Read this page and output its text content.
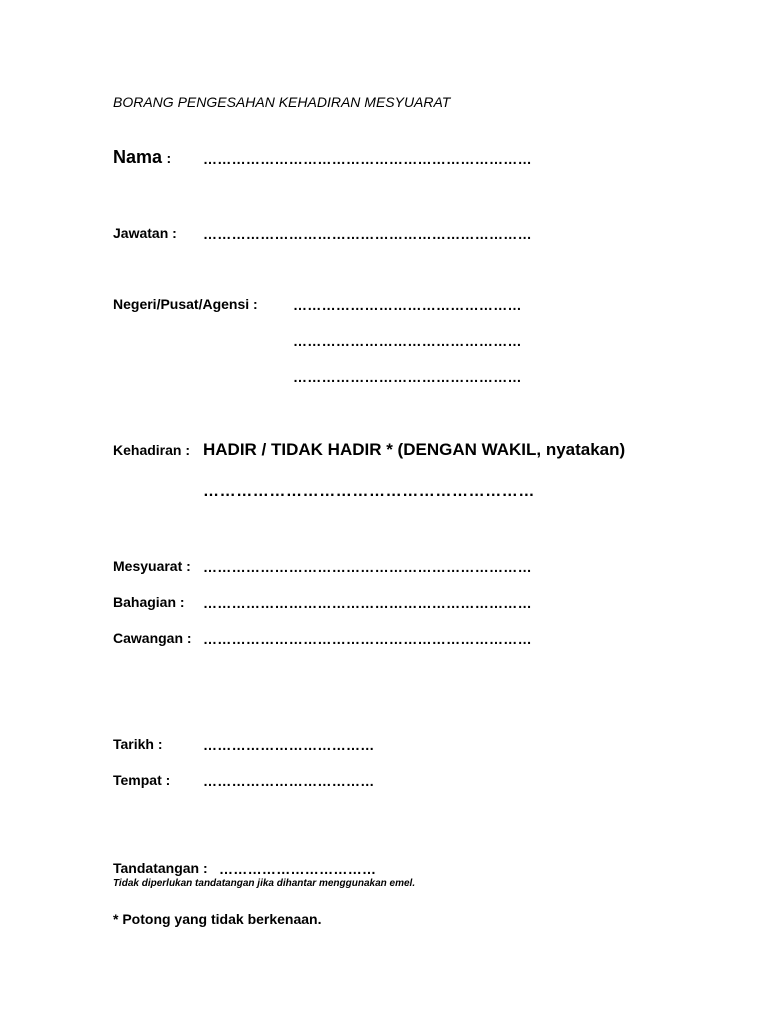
BORANG PENGESAHAN KEHADIRAN MESYUARAT
Nama : ……………………………………………………………
Jawatan : ……………………………………………………………
Negeri/Pusat/Agensi :	…………………………………………
…………………………………………
…………………………………………
Kehadiran : HADIR / TIDAK HADIR * (DENGAN WAKIL, nyatakan)
……………………………………………………
Mesyuarat : ……………………………………………………………
Bahagian : ……………………………………………………………
Cawangan : ……………………………………………………………
Tarikh :	………………………………
Tempat : ………………………………
Tandatangan : ……………………………
Tidak diperlukan tandatangan jika dihantar menggunakan emel.
* Potong yang tidak berkenaan.
